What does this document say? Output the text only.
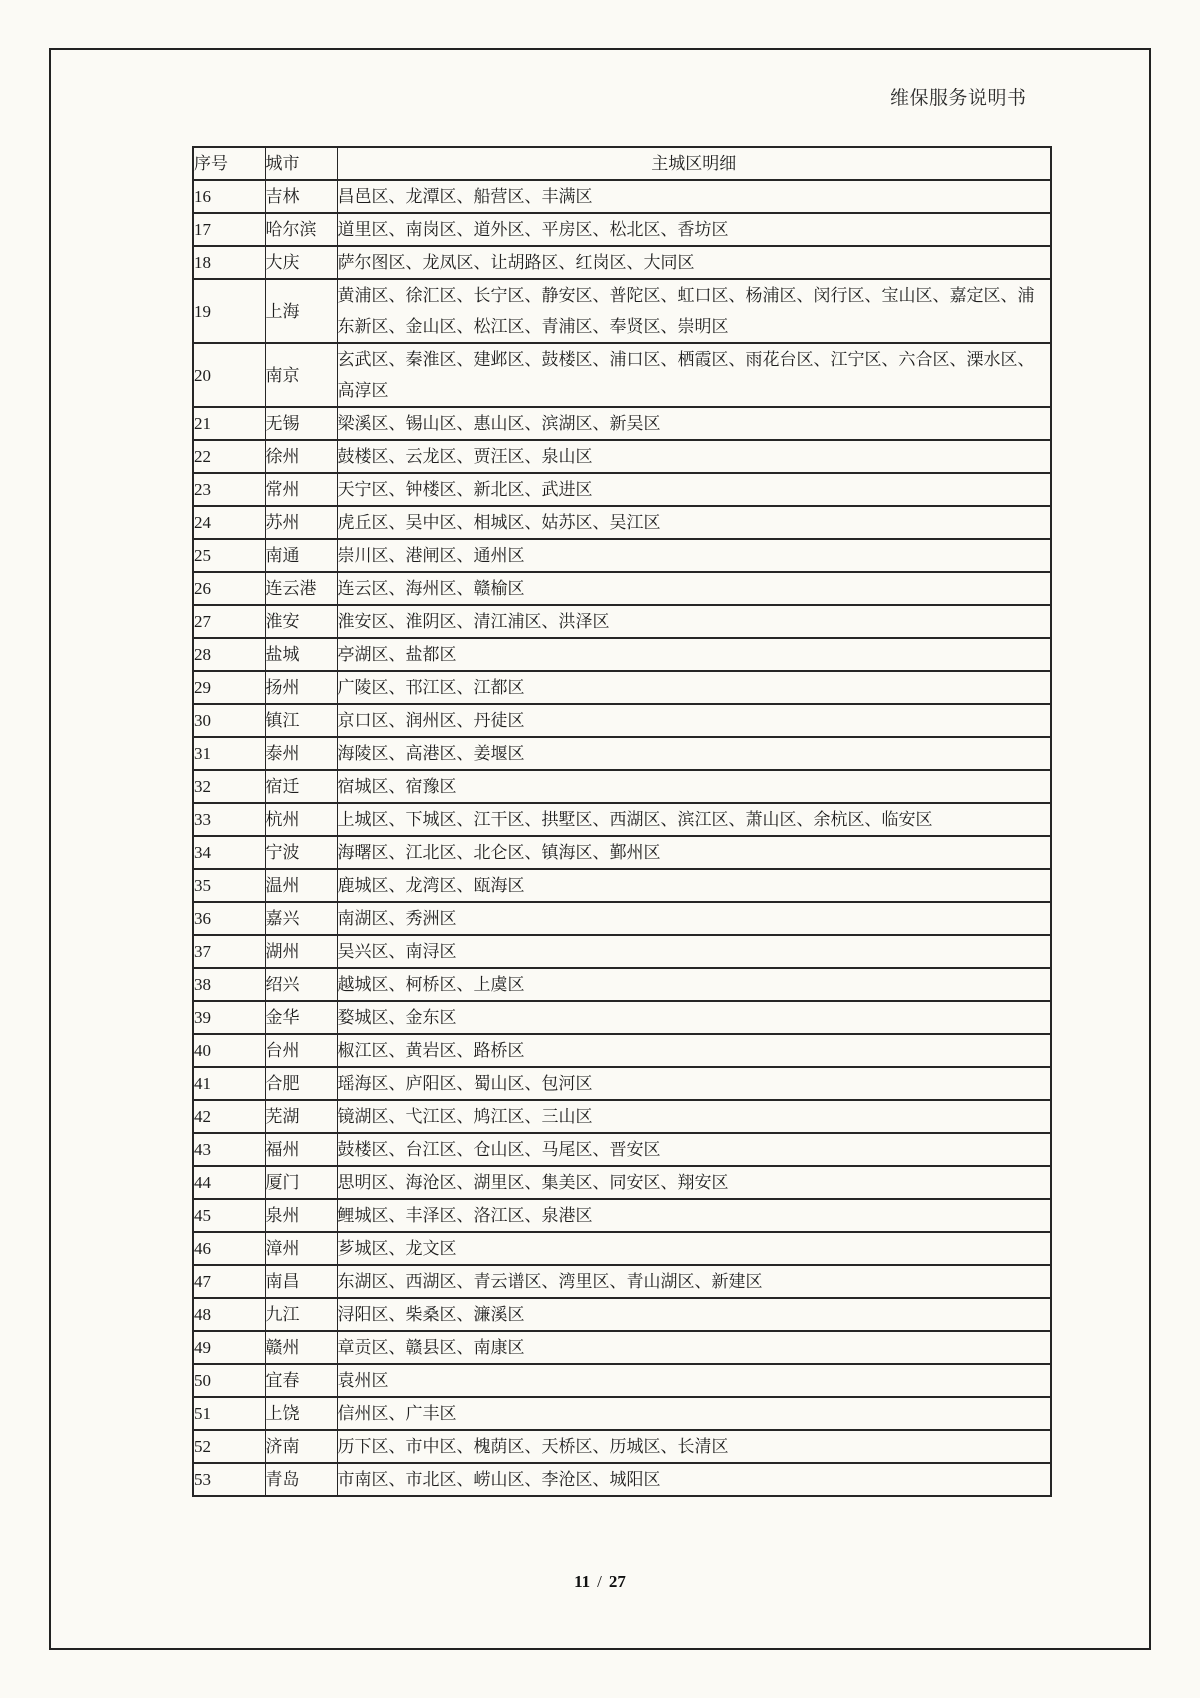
维保服务说明书
序号	城市	主城区明细
16	吉林	昌邑区、龙潭区、船营区、丰满区
17	哈尔滨	道里区、南岗区、道外区、平房区、松北区、香坊区
18	大庆	萨尔图区、龙凤区、让胡路区、红岗区、大同区
19	上海	黄浦区、徐汇区、长宁区、静安区、普陀区、虹口区、杨浦区、闵行区、宝山区、嘉定区、浦东新区、金山区、松江区、青浦区、奉贤区、崇明区
20	南京	玄武区、秦淮区、建邺区、鼓楼区、浦口区、栖霞区、雨花台区、江宁区、六合区、溧水区、高淳区
21	无锡	梁溪区、锡山区、惠山区、滨湖区、新吴区
22	徐州	鼓楼区、云龙区、贾汪区、泉山区
23	常州	天宁区、钟楼区、新北区、武进区
24	苏州	虎丘区、吴中区、相城区、姑苏区、吴江区
25	南通	崇川区、港闸区、通州区
26	连云港	连云区、海州区、赣榆区
27	淮安	淮安区、淮阴区、清江浦区、洪泽区
28	盐城	亭湖区、盐都区
29	扬州	广陵区、邗江区、江都区
30	镇江	京口区、润州区、丹徒区
31	泰州	海陵区、高港区、姜堰区
32	宿迁	宿城区、宿豫区
33	杭州	上城区、下城区、江干区、拱墅区、西湖区、滨江区、萧山区、余杭区、临安区
34	宁波	海曙区、江北区、北仑区、镇海区、鄞州区
35	温州	鹿城区、龙湾区、瓯海区
36	嘉兴	南湖区、秀洲区
37	湖州	吴兴区、南浔区
38	绍兴	越城区、柯桥区、上虞区
39	金华	婺城区、金东区
40	台州	椒江区、黄岩区、路桥区
41	合肥	瑶海区、庐阳区、蜀山区、包河区
42	芜湖	镜湖区、弋江区、鸠江区、三山区
43	福州	鼓楼区、台江区、仓山区、马尾区、晋安区
44	厦门	思明区、海沧区、湖里区、集美区、同安区、翔安区
45	泉州	鲤城区、丰泽区、洛江区、泉港区
46	漳州	芗城区、龙文区
47	南昌	东湖区、西湖区、青云谱区、湾里区、青山湖区、新建区
48	九江	浔阳区、柴桑区、濂溪区
49	赣州	章贡区、赣县区、南康区
50	宜春	袁州区
51	上饶	信州区、广丰区
52	济南	历下区、市中区、槐荫区、天桥区、历城区、长清区
53	青岛	市南区、市北区、崂山区、李沧区、城阳区
11 / 27
